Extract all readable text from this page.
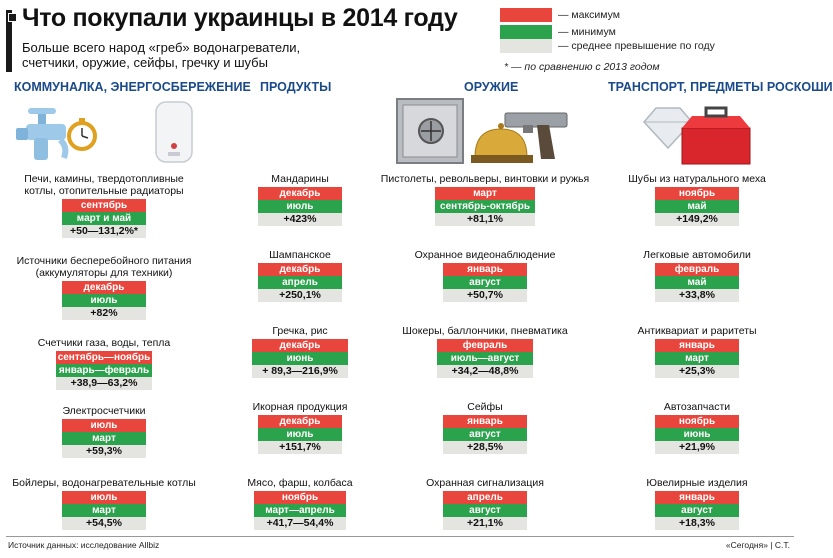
Что покупали украинцы в 2014 году

Больше всего народ «греб» водонагреватели, счетчики, оружие, сейфы, гречку и шубы

— максимум
— минимум
— среднее превышение по году
* — по сравнению с 2013 годом
КОММУНАЛКА, ЭНЕРГОСБЕРЕЖЕНИЕ ПРОДУКТЫ	ОРУЖИЕ	ТРАНСПОРТ, ПРЕДМЕТЫ РОСКОШИ
Печи, камины, твердотопливные котлы, отопительные радиаторы
сентябрь
март и май
+50—131,2%*
Источники бесперебойного питания (аккумуляторы для техники)
декабрь
июль
+82%
Счетчики газа, воды, тепла
сентябрь—ноябрь
январь—февраль
+38,9—63,2%
Электросчетчики
июль
март
+59,3%
Бойлеры, водонагревательные котлы
июль
март
+54,5%
Мандарины
декабрь
июль
+423%
Шампанское
декабрь
апрель
+250,1%
Гречка, рис
декабрь
июнь
+ 89,3—216,9%
Икорная продукция
декабрь
июль
+151,7%
Мясо, фарш, колбаса
ноябрь
март—апрель
+41,7—54,4%
Пистолеты, револьверы, винтовки и ружья
март
сентябрь-октябрь
+81,1%
Охранное видеонаблюдение
январь
август
+50,7%
Шокеры, баллончики, пневматика
февраль
июль—август
+34,2—48,8%
Сейфы
январь
август
+28,5%
Охранная сигнализация
апрель
август
+21,1%
Шубы из натурального меха
ноябрь
май
+149,2%
Легковые автомобили
февраль
май
+33,8%
Антиквариат и раритеты
январь
март
+25,3%
Автозапчасти
ноябрь
июнь
+21,9%
Ювелирные изделия
январь
август
+18,3%
Источник данных: исследование Allbiz	«Сегодня» | С.Т.
